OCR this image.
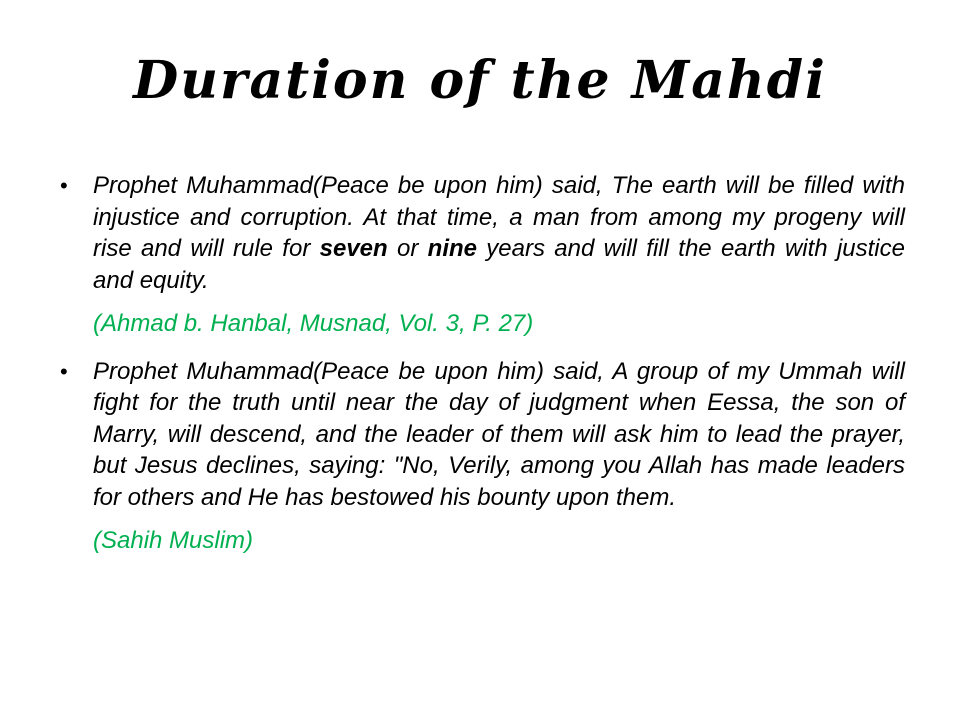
Duration of the Mahdi
• Prophet Muhammad(Peace be upon him) said, The earth will be filled with injustice and corruption. At that time, a man from among my progeny will rise and will rule for seven or nine years and will fill the earth with justice and equity.
(Ahmad b. Hanbal, Musnad, Vol. 3, P. 27)
• Prophet Muhammad(Peace be upon him) said, A group of my Ummah will fight for the truth until near the day of judgment when Eessa, the son of Marry, will descend, and the leader of them will ask him to lead the prayer, but Jesus declines, saying: "No, Verily, among you Allah has made leaders for others and He has bestowed his bounty upon them.
(Sahih Muslim)
